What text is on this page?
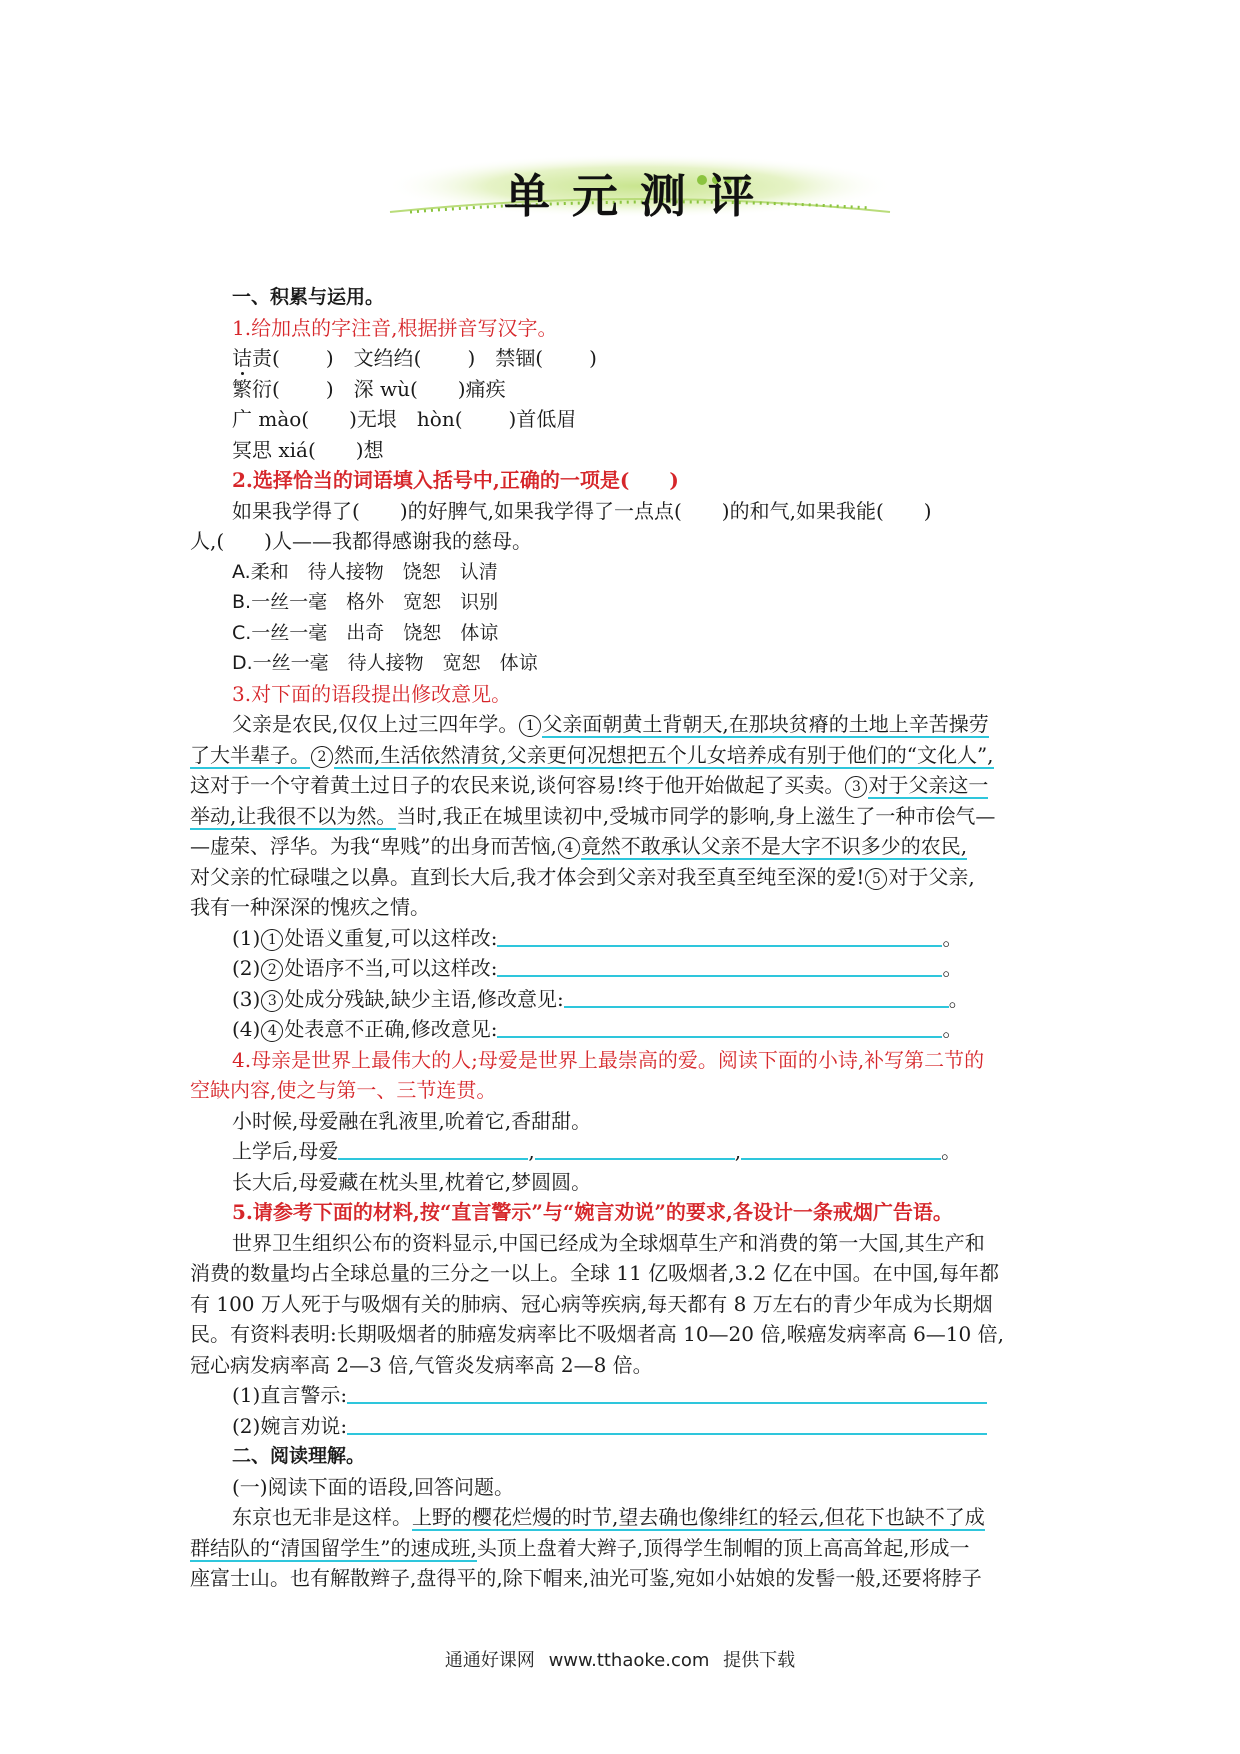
单元测评
一、积累与运用。
1.给加点的字注音,根据拼音写汉字。
诘责( ) 文绉绉( ) 禁锢( )
繁衍( ) 深 wù( )痛疾
广 mào( )无垠 hòn( )首低眉
冥思 xiá( )想
2.选择恰当的词语填入括号中,正确的一项是( )
如果我学得了( )的好脾气,如果我学得了一点点( )的和气,如果我能( )
人,( )人——我都得感谢我的慈母。
A.柔和　待人接物　饶恕　认清
B.一丝一毫　格外　宽恕　识别
C.一丝一毫　出奇　饶恕　体谅
D.一丝一毫　待人接物　宽恕　体谅
3.对下面的语段提出修改意见。
父亲是农民,仅仅上过三四年学。 1 父亲面朝黄土背朝天,在那块贫瘠的土地上辛苦操劳
了大半辈子。 2 然而,生活依然清贫,父亲更何况想把五个儿女培养成有别于他们的“文化人”,
这对于一个守着黄土过日子的农民来说,谈何容易!终于他开始做起了买卖。 3 对于父亲这一
举动,让我很不以为然。当时,我正在城里读初中,受城市同学的影响,身上滋生了一种市侩气—
—虚荣、浮华。为我“卑贱”的出身而苦恼, 4 竟然不敢承认父亲不是大字不识多少的农民,
对父亲的忙碌嗤之以鼻。直到长大后,我才体会到父亲对我至真至纯至深的爱! 5 对于父亲,
我有一种深深的愧疚之情。
(1) 1 处语义重复,可以这样改:	。
(2) 2 处语序不当,可以这样改:	。
(3) 3 处成分残缺,缺少主语,修改意见:	。
(4) 4 处表意不正确,修改意见:	。
4.母亲是世界上最伟大的人;母爱是世界上最崇高的爱。阅读下面的小诗,补写第二节的
空缺内容,使之与第一、三节连贯。
小时候,母爱融在乳液里,吮着它,香甜甜。
上学后,母爱	,	,	。
长大后,母爱藏在枕头里,枕着它,梦圆圆。
5.请参考下面的材料,按“直言警示”与“婉言劝说”的要求,各设计一条戒烟广告语。
世界卫生组织公布的资料显示,中国已经成为全球烟草生产和消费的第一大国,其生产和
消费的数量均占全球总量的三分之一以上。全球 11 亿吸烟者,3.2 亿在中国。在中国,每年都
有 100 万人死于与吸烟有关的肺病、冠心病等疾病,每天都有 8 万左右的青少年成为长期烟
民。有资料表明:长期吸烟者的肺癌发病率比不吸烟者高 10—20 倍,喉癌发病率高 6—10 倍,
冠心病发病率高 2—3 倍,气管炎发病率高 2—8 倍。
(1)直言警示:
(2)婉言劝说:
二、阅读理解。
(一)阅读下面的语段,回答问题。
东京也无非是这样。上野的樱花烂熳的时节,望去确也像绯红的轻云,但花下也缺不了成
群结队的“清国留学生”的速成班,头顶上盘着大辫子,顶得学生制帽的顶上高高耸起,形成一
座富士山。也有解散辫子,盘得平的,除下帽来,油光可鉴,宛如小姑娘的发髻一般,还要将脖子
通通好课网 www.tthaoke.com 提供下载
